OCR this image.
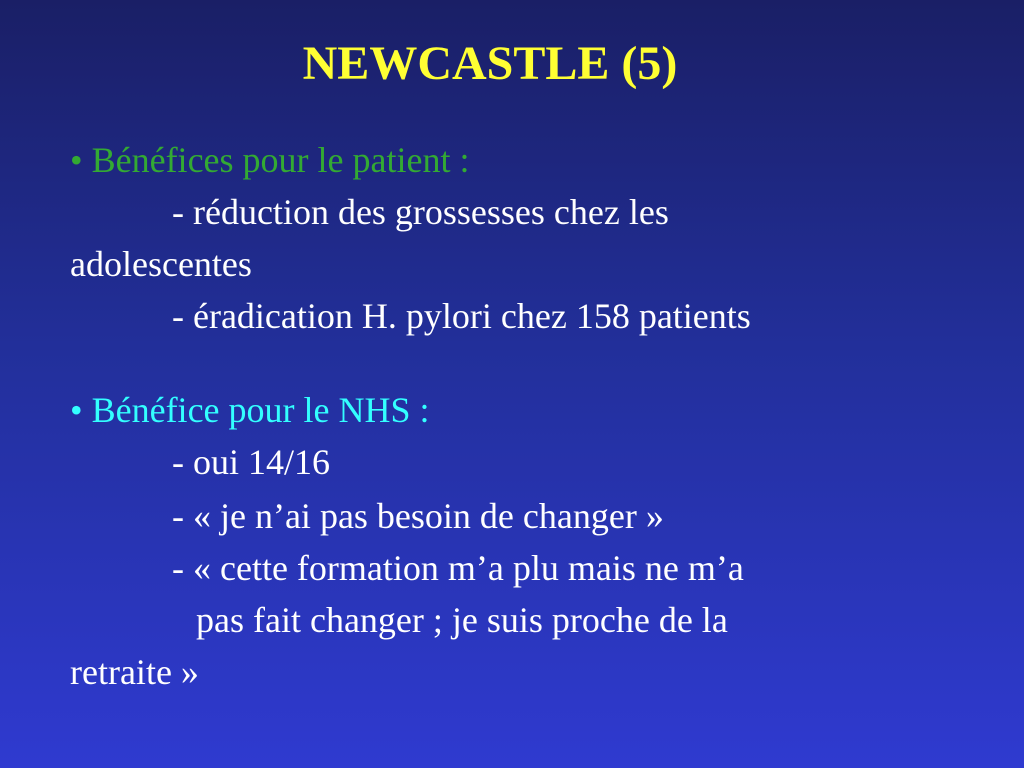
NEWCASTLE (5)
• Bénéfices pour le patient :
- réduction des grossesses chez les
adolescentes
- éradication H. pylori chez 158 patients
• Bénéfice pour le NHS :
- oui 14/16
- « je n’ai pas besoin de changer »
- « cette formation m’a plu mais ne m’a
pas fait changer ; je suis proche de la
retraite »
